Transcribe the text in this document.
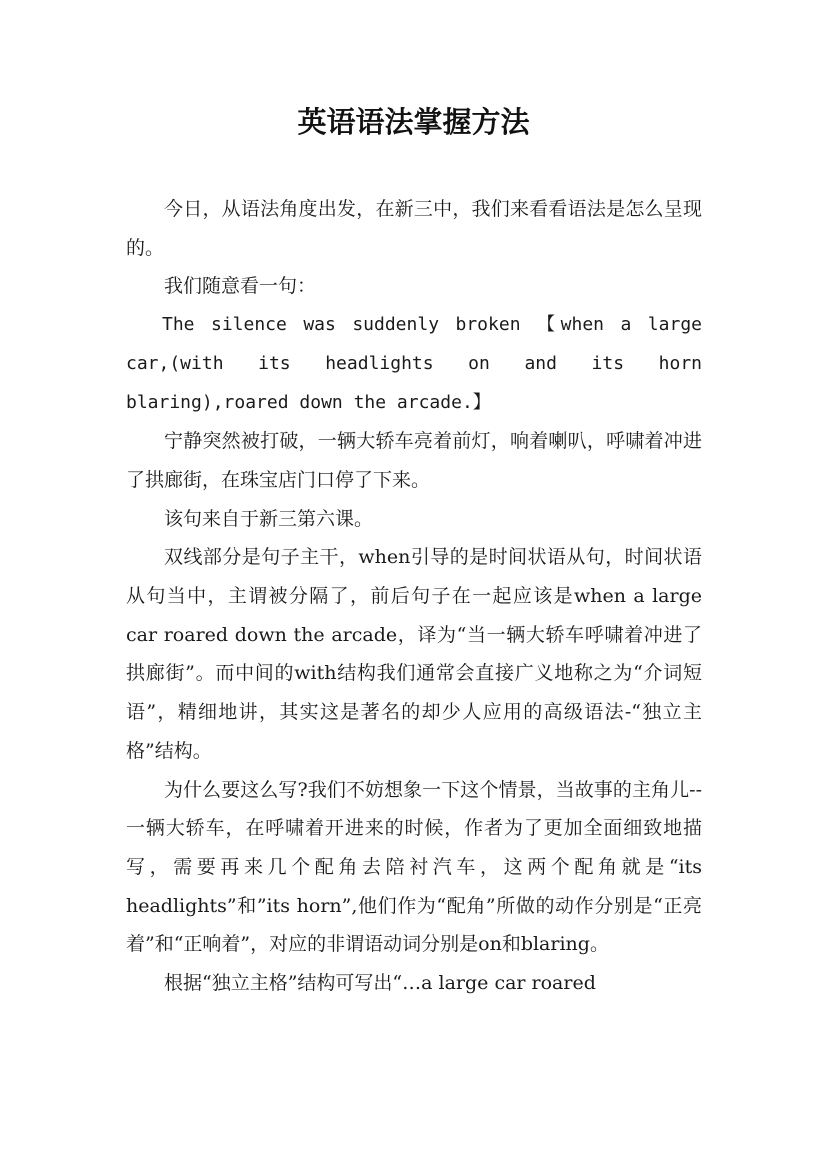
英语语法掌握方法

今日，从语法角度出发，在新三中，我们来看看语法是怎么呈现的。

我们随意看一句：

The silence was suddenly broken 【when a large car,(with its headlights on and its horn blaring),roared down the arcade.】

宁静突然被打破，一辆大轿车亮着前灯，响着喇叭，呼啸着冲进了拱廊街，在珠宝店门口停了下来。

该句来自于新三第六课。

双线部分是句子主干，when引导的是时间状语从句，时间状语从句当中，主谓被分隔了，前后句子在一起应该是when a large car roared down the arcade，译为“当一辆大轿车呼啸着冲进了拱廊街”。而中间的with结构我们通常会直接广义地称之为“介词短语”，精细地讲，其实这是著名的却少人应用的高级语法-“独立主格”结构。

为什么要这么写?我们不妨想象一下这个情景，当故事的主角儿--一辆大轿车，在呼啸着开进来的时候，作者为了更加全面细致地描写，需要再来几个配角去陪衬汽车，这两个配角就是“its headlights”和”its horn”,他们作为“配角”所做的动作分别是“正亮着”和“正响着”，对应的非谓语动词分别是on和blaring。

根据“独立主格”结构可写出“…a large car roared
